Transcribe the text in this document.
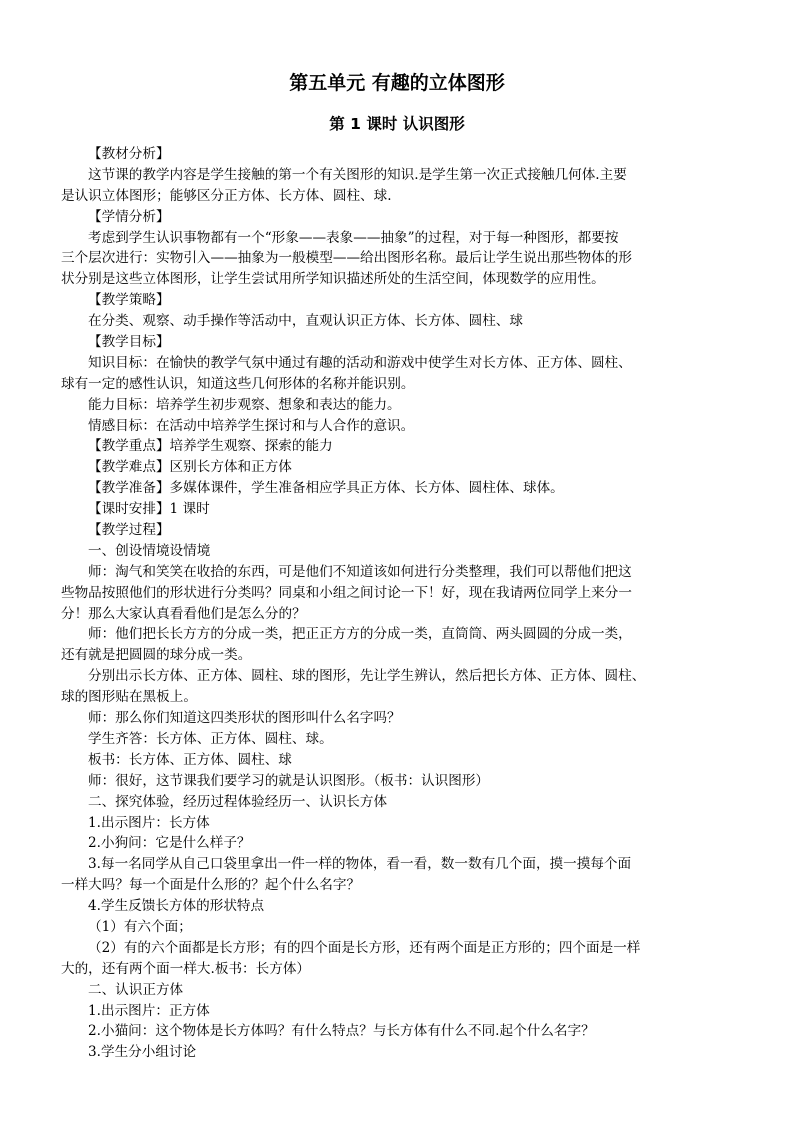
第五单元 有趣的立体图形
第 1 课时 认识图形
【教材分析】
这节课的教学内容是学生接触的第一个有关图形的知识.是学生第一次正式接触几何体.主要
是认识立体图形；能够区分正方体、长方体、圆柱、球.
【学情分析】
考虑到学生认识事物都有一个“形象——表象——抽象”的过程，对于每一种图形，都要按
三个层次进行：实物引入——抽象为一般模型——给出图形名称。最后让学生说出那些物体的形
状分别是这些立体图形，让学生尝试用所学知识描述所处的生活空间，体现数学的应用性。
【教学策略】
在分类、观察、动手操作等活动中，直观认识正方体、长方体、圆柱、球
【教学目标】
知识目标：在愉快的教学气氛中通过有趣的活动和游戏中使学生对长方体、正方体、圆柱、
球有一定的感性认识，知道这些几何形体的名称并能识别。
能力目标：培养学生初步观察、想象和表达的能力。
情感目标：在活动中培养学生探讨和与人合作的意识。
【教学重点】培养学生观察、探索的能力
【教学难点】区别长方体和正方体
【教学准备】多媒体课件，学生准备相应学具正方体、长方体、圆柱体、球体。
【课时安排】1 课时
【教学过程】
一、创设情境设情境
师：淘气和笑笑在收拾的东西，可是他们不知道该如何进行分类整理，我们可以帮他们把这
些物品按照他们的形状进行分类吗？同桌和小组之间讨论一下！好，现在我请两位同学上来分一
分！那么大家认真看看他们是怎么分的？
师：他们把长长方方的分成一类，把正正方方的分成一类，直筒筒、两头圆圆的分成一类，
还有就是把圆圆的球分成一类。
分别出示长方体、正方体、圆柱、球的图形，先让学生辨认，然后把长方体、正方体、圆柱、
球的图形贴在黑板上。
师：那么你们知道这四类形状的图形叫什么名字吗？
学生齐答：长方体、正方体、圆柱、球。
板书：长方体、正方体、圆柱、球
师：很好，这节课我们要学习的就是认识图形。（板书：认识图形）
二、探究体验，经历过程体验经历一、认识长方体
1.出示图片：长方体
2.小狗问：它是什么样子？
3.每一名同学从自己口袋里拿出一件一样的物体，看一看，数一数有几个面，摸一摸每个面
一样大吗？每一个面是什么形的？起个什么名字？
4.学生反馈长方体的形状特点
（1）有六个面；
（2）有的六个面都是长方形；有的四个面是长方形，还有两个面是正方形的；四个面是一样
大的，还有两个面一样大.板书：长方体）
二、认识正方体
1.出示图片：正方体
2.小猫问：这个物体是长方体吗？有什么特点？与长方体有什么不同.起个什么名字？
3.学生分小组讨论
